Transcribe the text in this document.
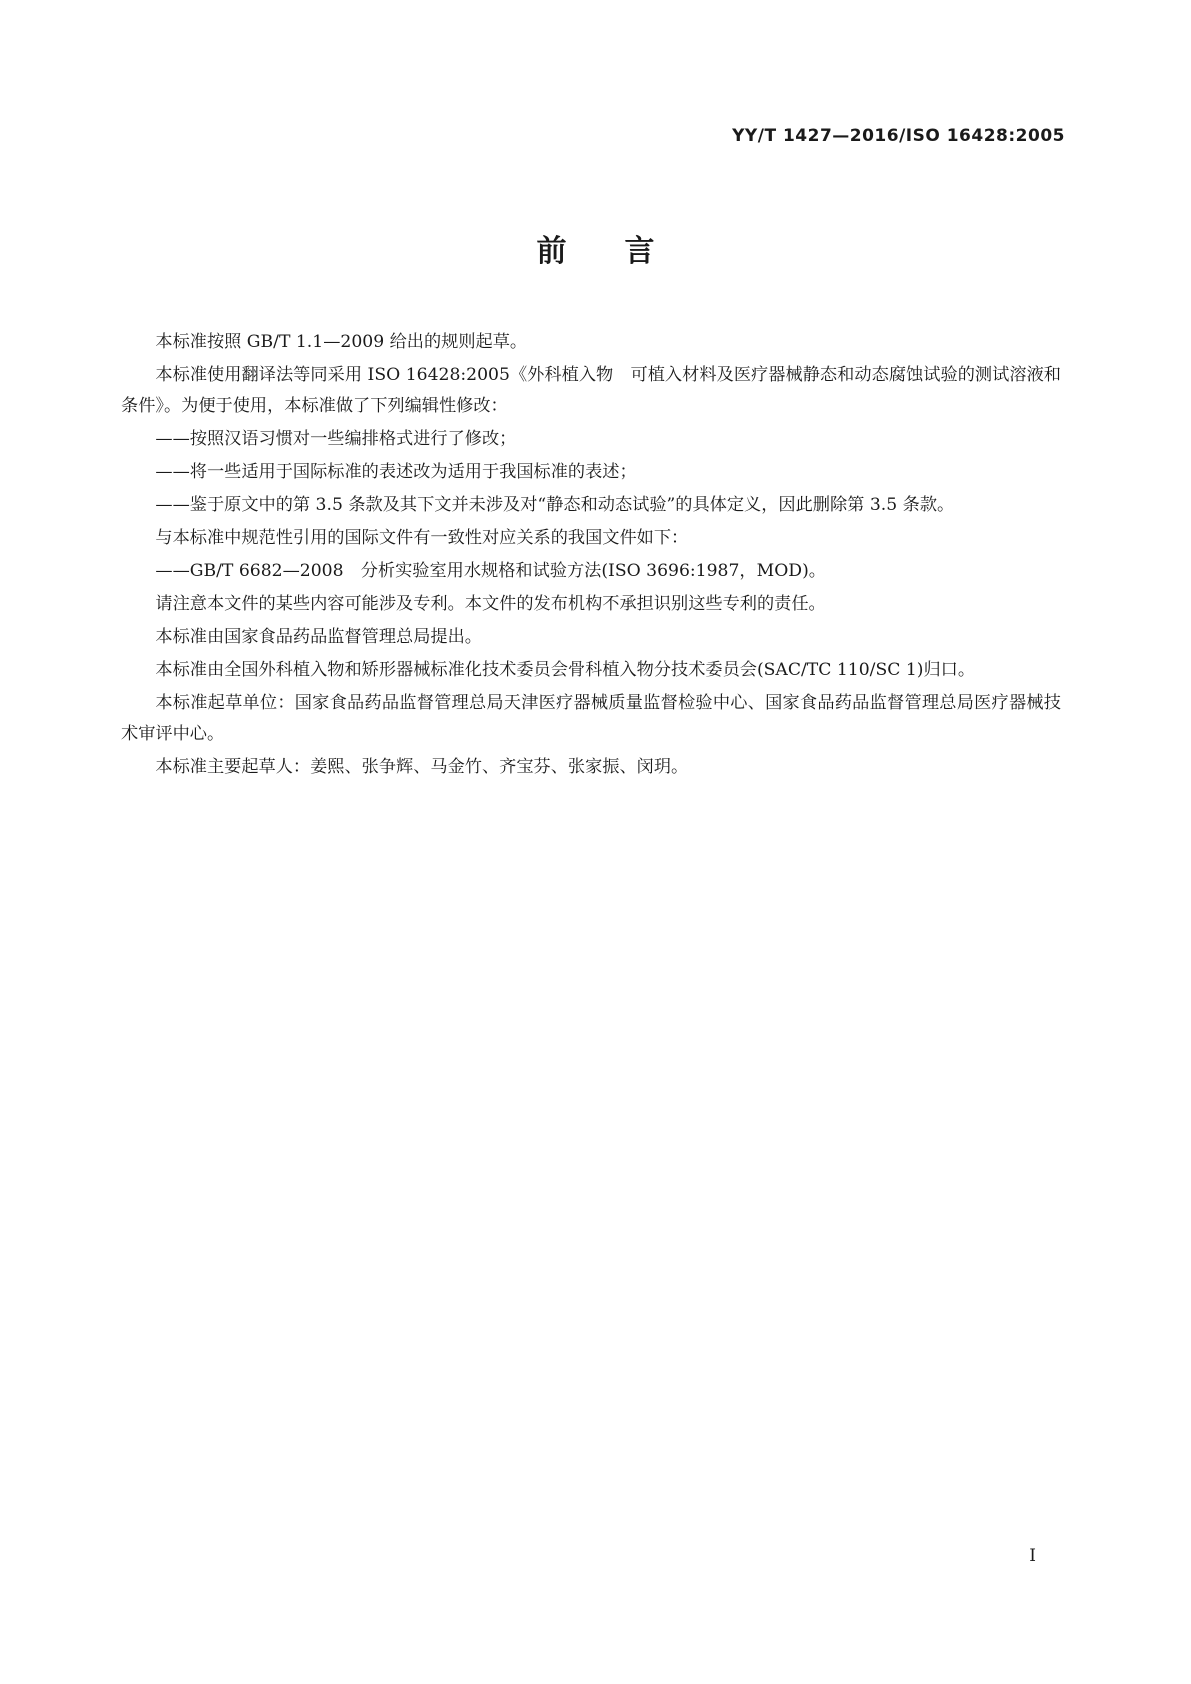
YY/T 1427—2016/ISO 16428:2005
前言

本标准按照 GB/T 1.1—2009 给出的规则起草。

本标准使用翻译法等同采用 ISO 16428:2005《外科植入物　可植入材料及医疗器械静态和动态腐蚀试验的测试溶液和条件》。为便于使用，本标准做了下列编辑性修改：

——按照汉语习惯对一些编排格式进行了修改；

——将一些适用于国际标准的表述改为适用于我国标准的表述；

——鉴于原文中的第 3.5 条款及其下文并未涉及对“静态和动态试验”的具体定义，因此删除第 3.5 条款。

与本标准中规范性引用的国际文件有一致性对应关系的我国文件如下：

——GB/T 6682—2008　分析实验室用水规格和试验方法(ISO 3696:1987，MOD)。

请注意本文件的某些内容可能涉及专利。本文件的发布机构不承担识别这些专利的责任。

本标准由国家食品药品监督管理总局提出。

本标准由全国外科植入物和矫形器械标准化技术委员会骨科植入物分技术委员会(SAC/TC 110/SC 1)归口。

本标准起草单位：国家食品药品监督管理总局天津医疗器械质量监督检验中心、国家食品药品监督管理总局医疗器械技术审评中心。

本标准主要起草人：姜熙、张争辉、马金竹、齐宝芬、张家振、闵玥。

I
